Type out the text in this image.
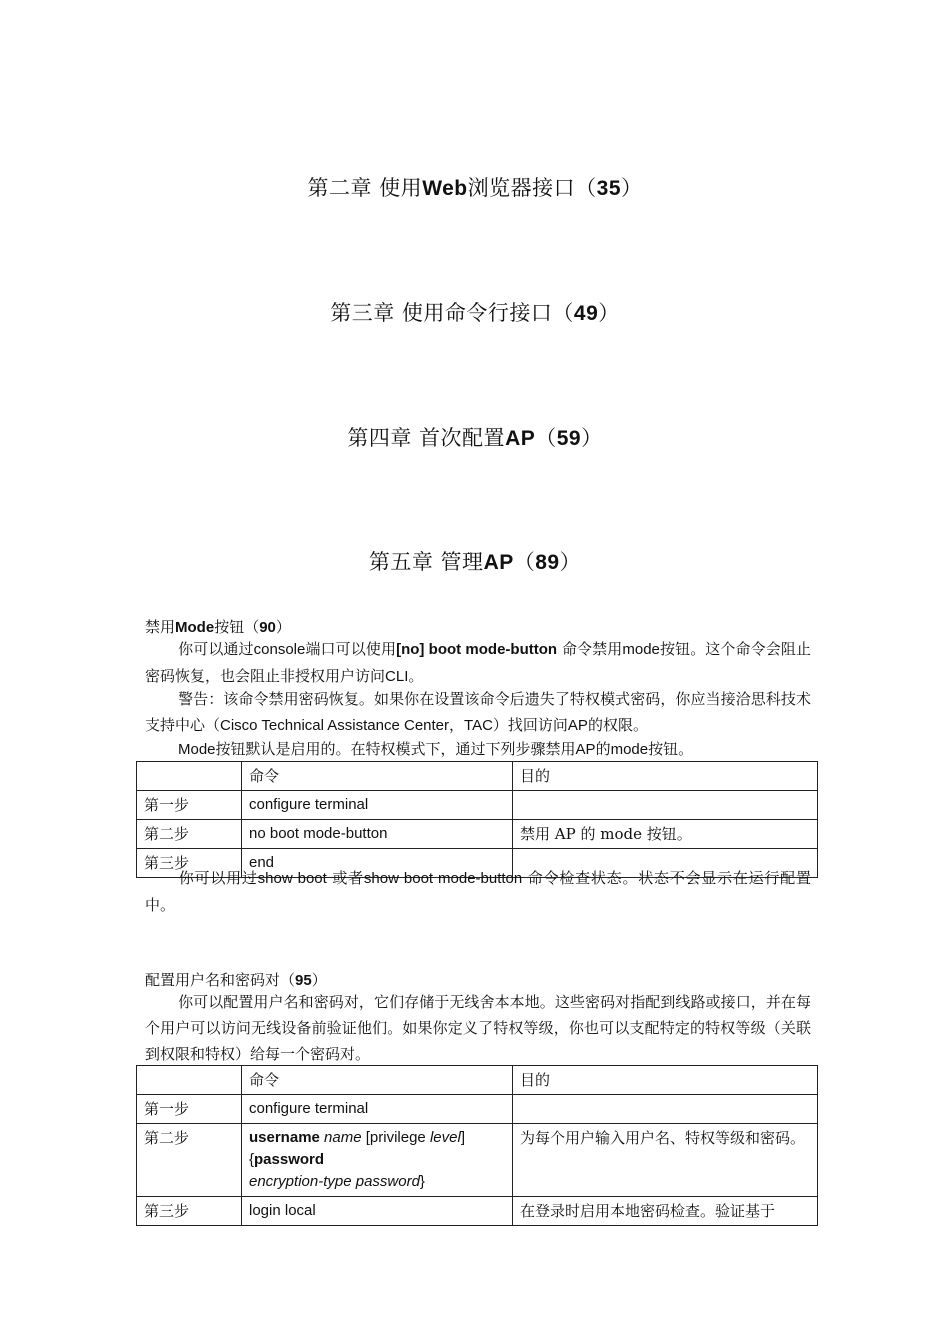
第二章 使用Web浏览器接口（35）
第三章 使用命令行接口（49）
第四章 首次配置AP（59）
第五章 管理AP（89）
禁用Mode按钮（90）
你可以通过console端口可以使用[no] boot mode-button 命令禁用mode按钮。这个命令会阻止密码恢复，也会阻止非授权用户访问CLI。
警告：该命令禁用密码恢复。如果你在设置该命令后遗失了特权模式密码，你应当接洽思科技术支持中心（Cisco Technical Assistance Center，TAC）找回访问AP的权限。
Mode按钮默认是启用的。在特权模式下，通过下列步骤禁用AP的mode按钮。
	命令	目的
第一步	configure terminal	
第二步	no boot mode-button	禁用 AP 的 mode 按钮。
第三步	end	
你可以用过show boot 或者show boot mode-button 命令检查状态。状态不会显示在运行配置中。
配置用户名和密码对（95）
你可以配置用户名和密码对，它们存储于无线舍本本地。这些密码对指配到线路或接口，并在每个用户可以访问无线设备前验证他们。如果你定义了特权等级，你也可以支配特定的特权等级（关联到权限和特权）给每一个密码对。
	命令	目的
第一步	configure terminal	
第二步	username name [privilege level]
{password
encryption-type password}	为每个用户输入用户名、特权等级和密码。
第三步	login local	在登录时启用本地密码检查。验证基于
